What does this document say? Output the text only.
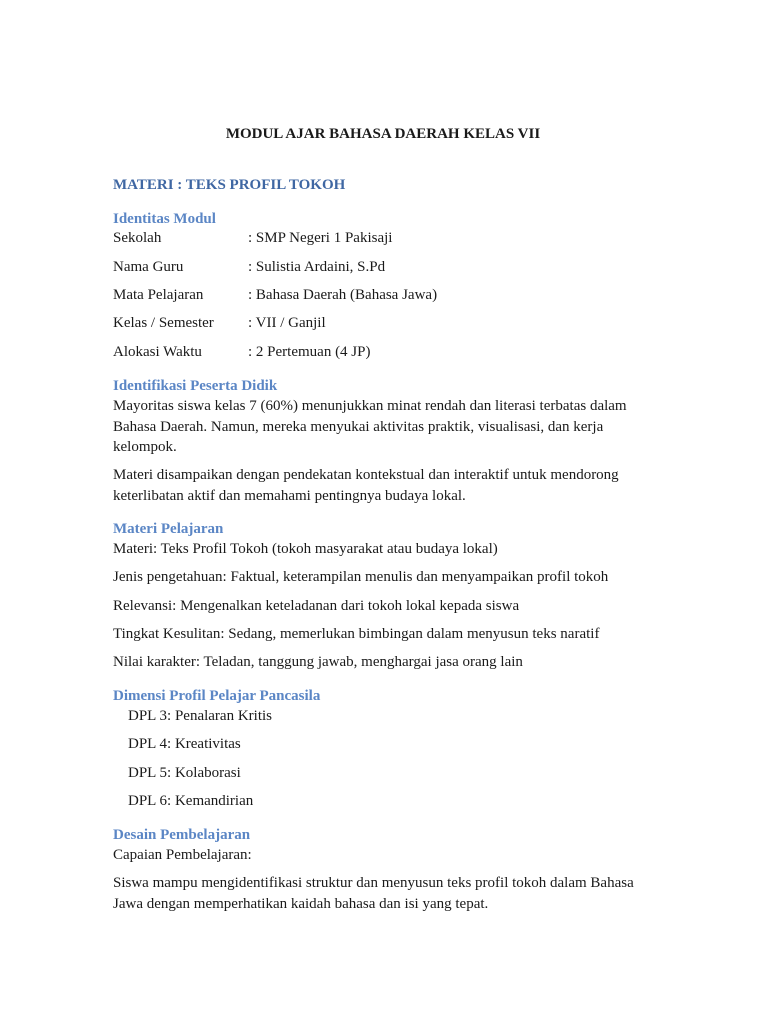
MODUL AJAR BAHASA DAERAH KELAS VII
MATERI : TEKS PROFIL TOKOH
Identitas Modul
Sekolah	: SMP Negeri 1 Pakisaji
Nama Guru	: Sulistia Ardaini, S.Pd
Mata Pelajaran	: Bahasa Daerah (Bahasa Jawa)
Kelas / Semester : VII / Ganjil
Alokasi Waktu	: 2 Pertemuan (4 JP)
Identifikasi Peserta Didik

Mayoritas siswa kelas 7 (60%) menunjukkan minat rendah dan literasi terbatas dalam Bahasa Daerah. Namun, mereka menyukai aktivitas praktik, visualisasi, dan kerja kelompok.

Materi disampaikan dengan pendekatan kontekstual dan interaktif untuk mendorong keterlibatan aktif dan memahami pentingnya budaya lokal.

Materi Pelajaran

Materi: Teks Profil Tokoh (tokoh masyarakat atau budaya lokal)

Jenis pengetahuan: Faktual, keterampilan menulis dan menyampaikan profil tokoh

Relevansi: Mengenalkan keteladanan dari tokoh lokal kepada siswa

Tingkat Kesulitan: Sedang, memerlukan bimbingan dalam menyusun teks naratif

Nilai karakter: Teladan, tanggung jawab, menghargai jasa orang lain

Dimensi Profil Pelajar Pancasila

DPL 3: Penalaran Kritis

DPL 4: Kreativitas

DPL 5: Kolaborasi

DPL 6: Kemandirian

Desain Pembelajaran

Capaian Pembelajaran:

Siswa mampu mengidentifikasi struktur dan menyusun teks profil tokoh dalam Bahasa Jawa dengan memperhatikan kaidah bahasa dan isi yang tepat.
